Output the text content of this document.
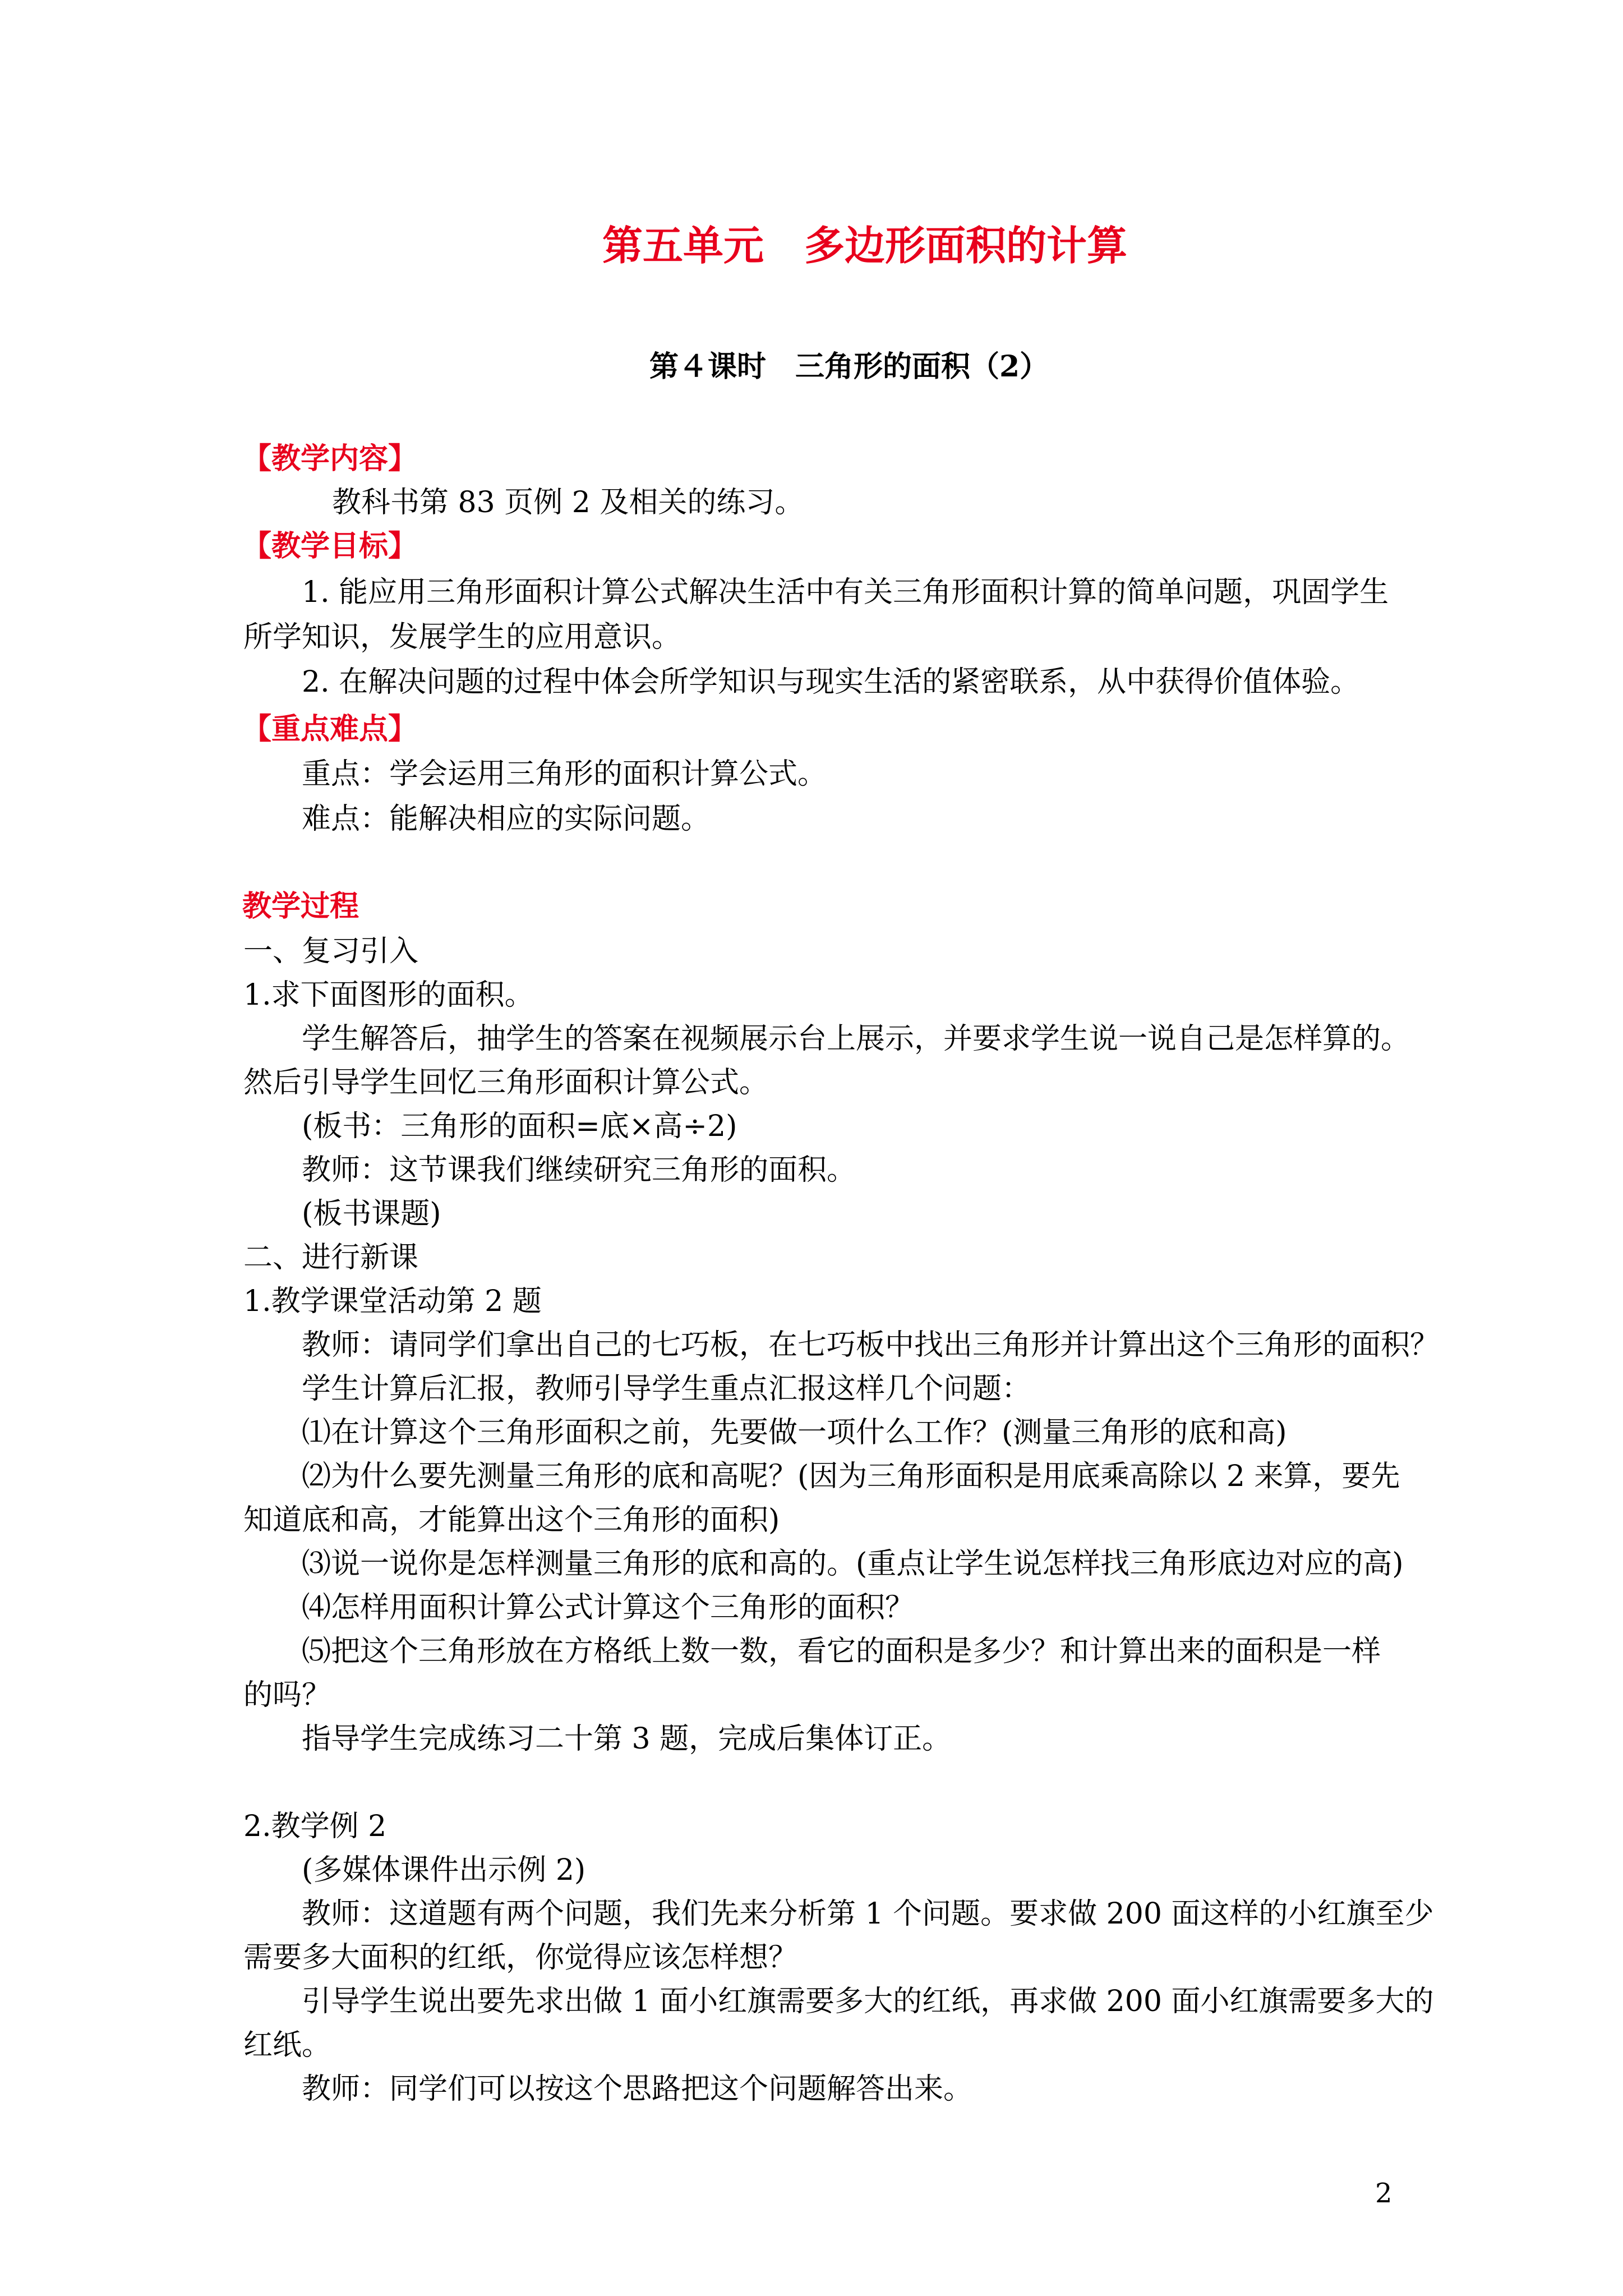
第五单元　多边形面积的计算
第４课时　三角形的面积（2）
【教学内容】
教科书第 83 页例 2 及相关的练习。
【教学目标】
1. 能应用三角形面积计算公式解决生活中有关三角形面积计算的简单问题，巩固学生
所学知识，发展学生的应用意识。
2. 在解决问题的过程中体会所学知识与现实生活的紧密联系，从中获得价值体验。
【重点难点】
重点：学会运用三角形的面积计算公式。
难点：能解决相应的实际问题。
教学过程
一、复习引入
1.求下面图形的面积。
学生解答后，抽学生的答案在视频展示台上展示，并要求学生说一说自己是怎样算的。
然后引导学生回忆三角形面积计算公式。
(板书：三角形的面积=底×高÷2)
教师：这节课我们继续研究三角形的面积。
(板书课题)
二、进行新课
1.教学课堂活动第 2 题
教师：请同学们拿出自己的七巧板，在七巧板中找出三角形并计算出这个三角形的面积？
学生计算后汇报，教师引导学生重点汇报这样几个问题：
⑴在计算这个三角形面积之前，先要做一项什么工作？(测量三角形的底和高)
⑵为什么要先测量三角形的底和高呢？(因为三角形面积是用底乘高除以 2 来算，要先
知道底和高，才能算出这个三角形的面积)
⑶说一说你是怎样测量三角形的底和高的。(重点让学生说怎样找三角形底边对应的高)
⑷怎样用面积计算公式计算这个三角形的面积？
⑸把这个三角形放在方格纸上数一数，看它的面积是多少？和计算出来的面积是一样
的吗？
指导学生完成练习二十第 3 题，完成后集体订正。
2.教学例 2
(多媒体课件出示例 2)
教师：这道题有两个问题，我们先来分析第 1 个问题。要求做 200 面这样的小红旗至少
需要多大面积的红纸，你觉得应该怎样想？
引导学生说出要先求出做 1 面小红旗需要多大的红纸，再求做 200 面小红旗需要多大的
红纸。
教师：同学们可以按这个思路把这个问题解答出来。
2
